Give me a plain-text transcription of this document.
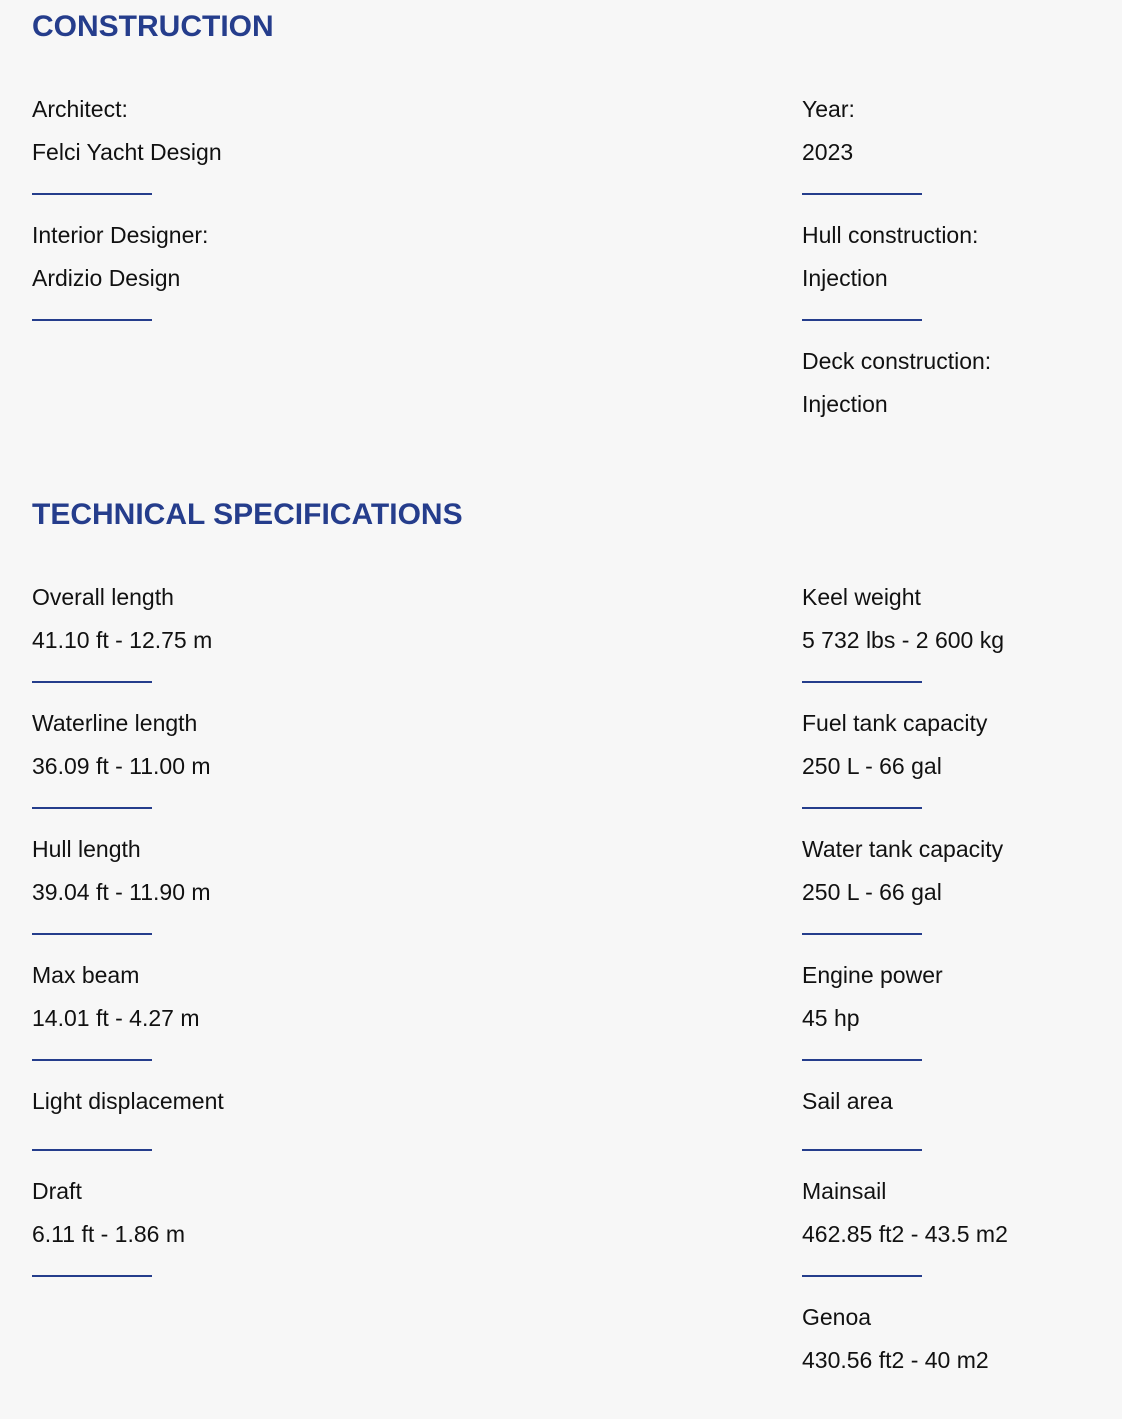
CONSTRUCTION
Architect:
Felci Yacht Design
Interior Designer:
Ardizio Design
Year:
2023
Hull construction:
Injection
Deck construction:
Injection
TECHNICAL SPECIFICATIONS
Overall length
41.10 ft - 12.75 m
Waterline length
36.09 ft - 11.00 m
Hull length
39.04 ft - 11.90 m
Max beam
14.01 ft - 4.27 m
Light displacement
Draft
6.11 ft - 1.86 m
Keel weight
5 732 lbs - 2 600 kg
Fuel tank capacity
250 L - 66 gal
Water tank capacity
250 L - 66 gal
Engine power
45 hp
Sail area
Mainsail
462.85 ft2 - 43.5 m2
Genoa
430.56 ft2 - 40 m2
